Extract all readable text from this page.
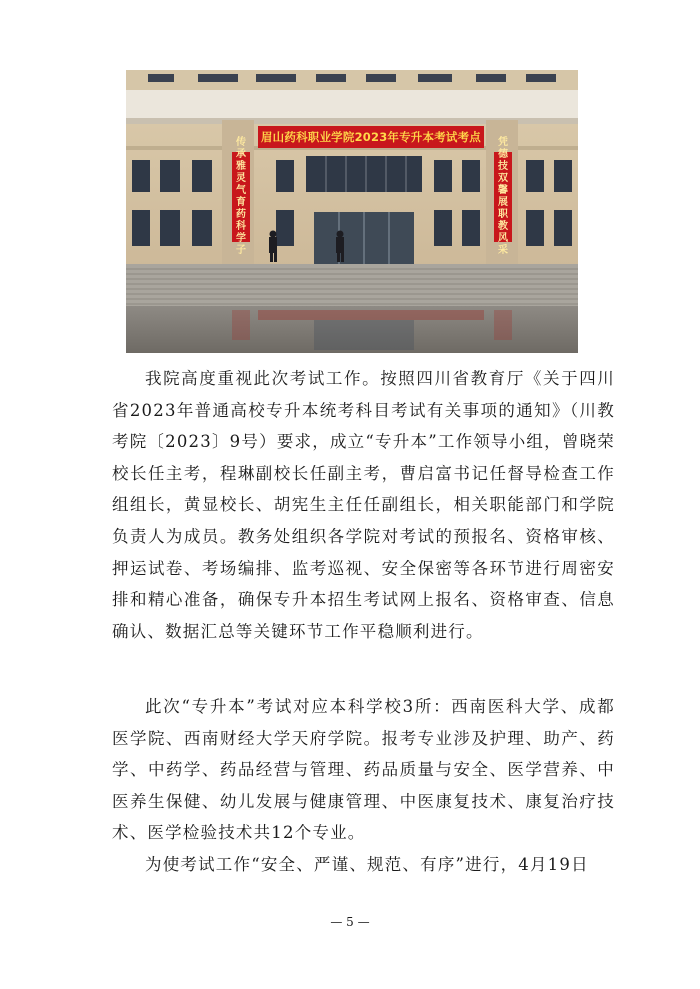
眉山药科职业学院2023年专升本考试考点
传
承
雅
灵
气
育
药
科
学
子
凭
德
技
双
馨
展
职
教
风
采

我院高度重视此次考试工作。按照四川省教育厅《关于四川省2023年普通高校专升本统考科目考试有关事项的通知》（川教考院〔2023〕9号）要求，成立“专升本”工作领导小组，曾晓荣校长任主考，程琳副校长任副主考，曹启富书记任督导检查工作组组长，黄显校长、胡宪生主任任副组长，相关职能部门和学院负责人为成员。教务处组织各学院对考试的预报名、资格审核、押运试卷、考场编排、监考巡视、安全保密等各环节进行周密安排和精心准备，确保专升本招生考试网上报名、资格审查、信息确认、数据汇总等关键环节工作平稳顺利进行。

此次“专升本”考试对应本科学校3所：西南医科大学、成都医学院、西南财经大学天府学院。报考专业涉及护理、助产、药学、中药学、药品经营与管理、药品质量与安全、医学营养、中医养生保健、幼儿发展与健康管理、中医康复技术、康复治疗技术、医学检验技术共12个专业。

为使考试工作“安全、严谨、规范、有序”进行，4月19日

— 5 —
